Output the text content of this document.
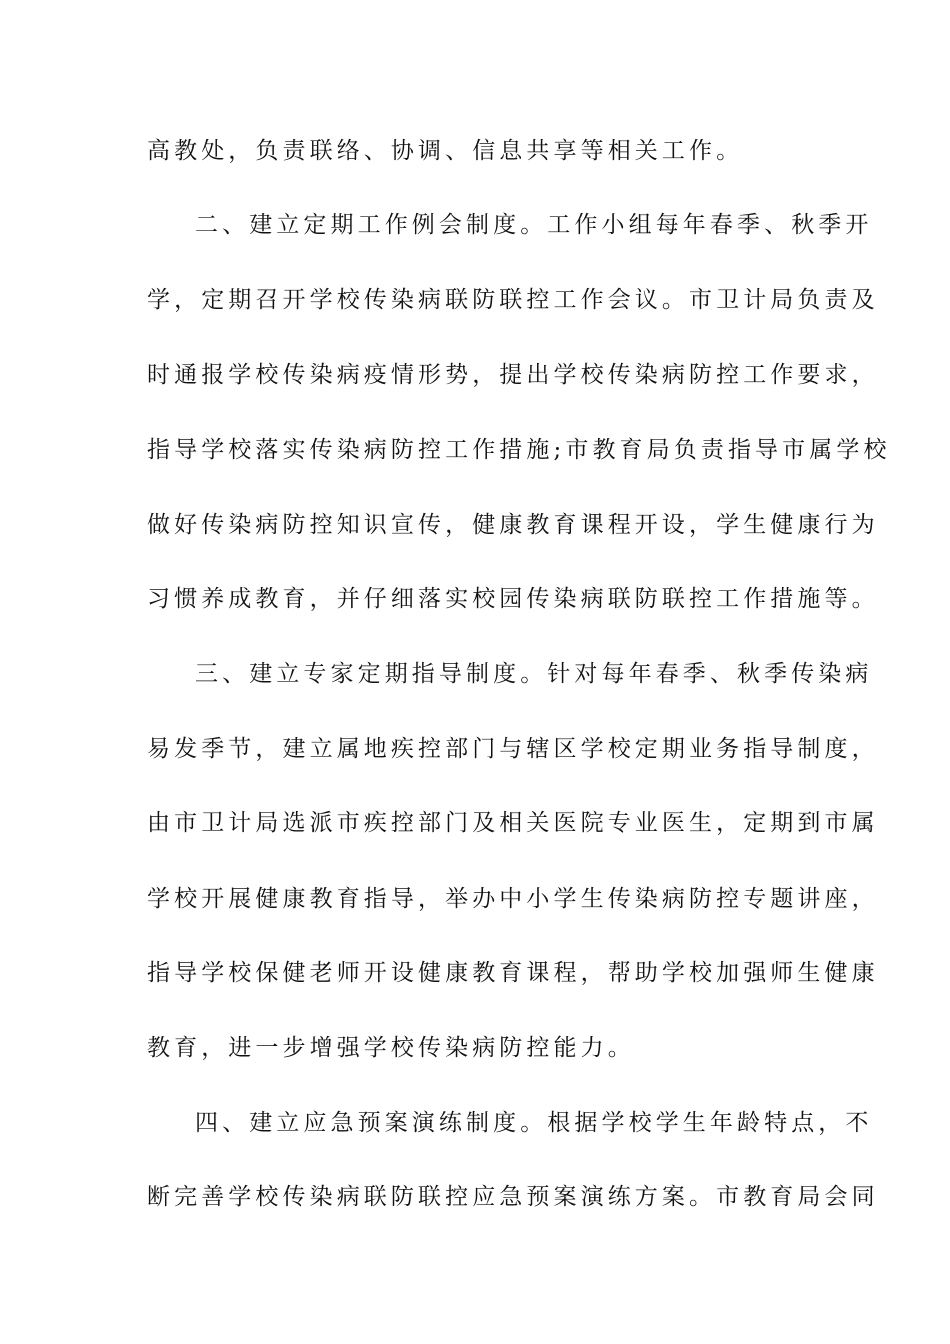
高教处，负责联络、协调、信息共享等相关工作。
二、建立定期工作例会制度。工作小组每年春季、秋季开
学，定期召开学校传染病联防联控工作会议。市卫计局负责及
时通报学校传染病疫情形势，提出学校传染病防控工作要求，
指导学校落实传染病防控工作措施;市教育局负责指导市属学校
做好传染病防控知识宣传，健康教育课程开设，学生健康行为
习惯养成教育，并仔细落实校园传染病联防联控工作措施等。
三、建立专家定期指导制度。针对每年春季、秋季传染病
易发季节，建立属地疾控部门与辖区学校定期业务指导制度，
由市卫计局选派市疾控部门及相关医院专业医生，定期到市属
学校开展健康教育指导，举办中小学生传染病防控专题讲座，
指导学校保健老师开设健康教育课程，帮助学校加强师生健康
教育，进一步增强学校传染病防控能力。
四、建立应急预案演练制度。根据学校学生年龄特点，不
断完善学校传染病联防联控应急预案演练方案。市教育局会同
